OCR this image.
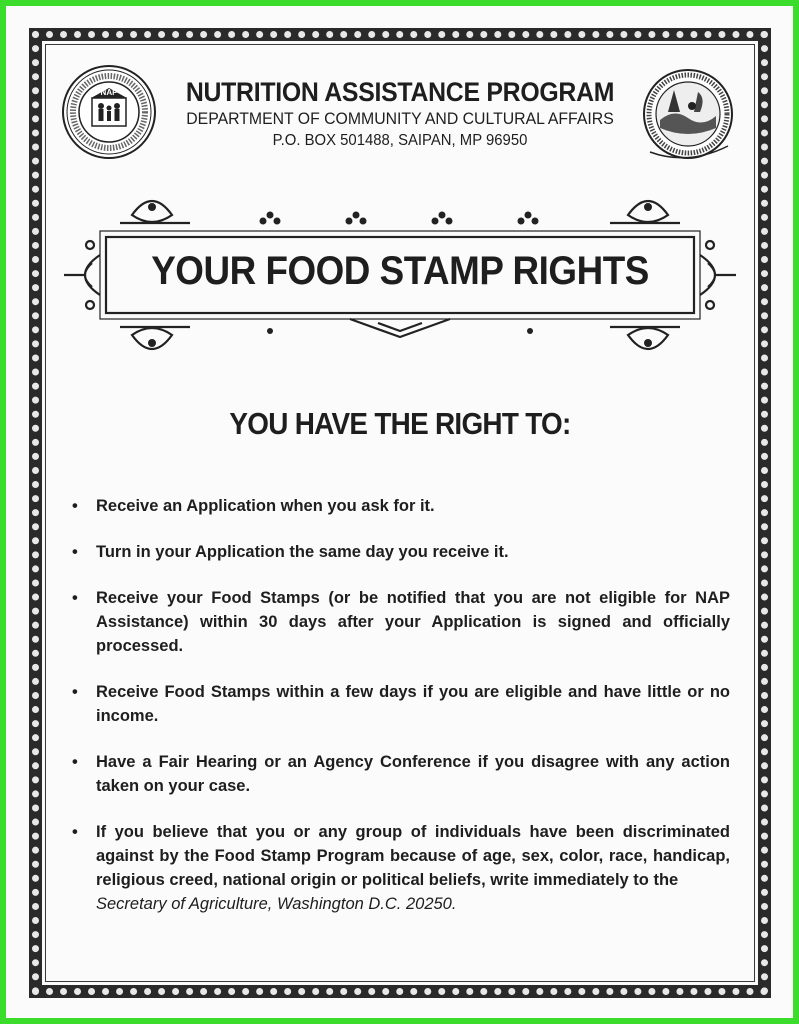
NAP	NUTRITION ASSISTANCE PROGRAM
DEPARTMENT OF COMMUNITY AND CULTURAL AFFAIRS
P.O. BOX 501488, SAIPAN, MP 96950
YOUR FOOD STAMP RIGHTS
YOU HAVE THE RIGHT TO:
• Receive an Application when you ask for it.
• Turn in your Application the same day you receive it.
• Receive your Food Stamps (or be notified that you are not eligible for NAP Assistance) within 30 days after your Application is signed and officially processed.
• Receive Food Stamps within a few days if you are eligible and have little or no income.
• Have a Fair Hearing or an Agency Conference if you disagree with any action taken on your case.
• If you believe that you or any group of individuals have been discriminated against by the Food Stamp Program because of age, sex, color, race, handicap, religious creed, national origin or political beliefs, write immediately to the
Secretary of Agriculture, Washington D.C. 20250.
